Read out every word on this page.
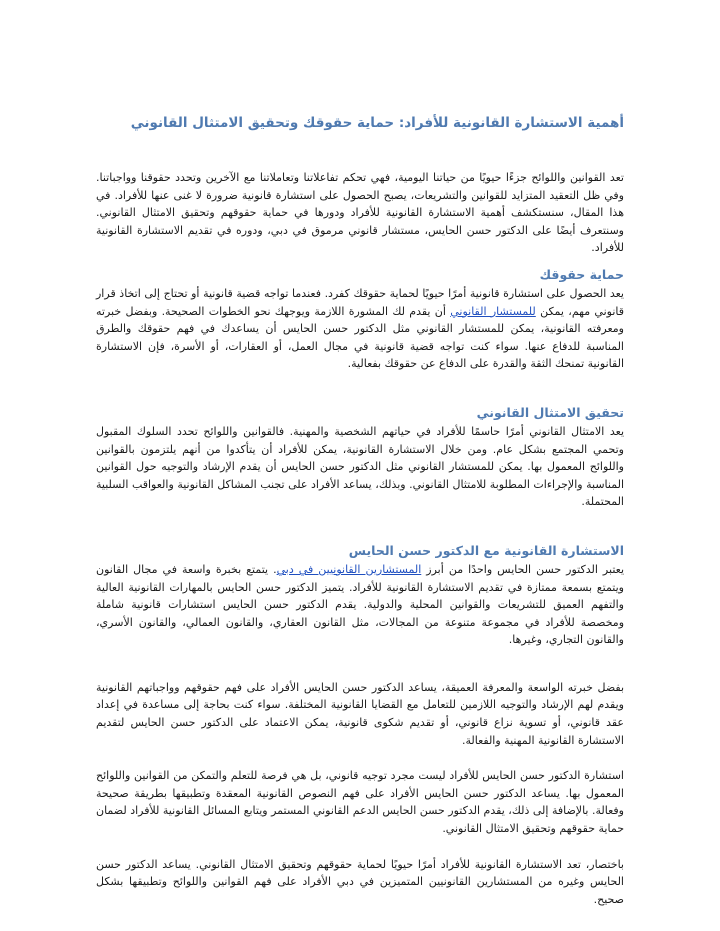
أهمية الاستشارة القانونية للأفراد: حماية حقوقك وتحقيق الامتثال القانوني

تعد القوانين واللوائح جزءًا حيويًا من حياتنا اليومية، فهي تحكم تفاعلاتنا وتعاملاتنا مع الآخرين وتحدد حقوقنا وواجباتنا. وفي ظل التعقيد المتزايد للقوانين والتشريعات، يصبح الحصول على استشارة قانونية ضرورة لا غنى عنها للأفراد. في هذا المقال، سنستكشف أهمية الاستشارة القانونية للأفراد ودورها في حماية حقوقهم وتحقيق الامتثال القانوني. وسنتعرف أيضًا على الدكتور حسن الحايس، مستشار قانوني مرموق في دبي، ودوره في تقديم الاستشارة القانونية للأفراد.

حماية حقوقك

يعد الحصول على استشارة قانونية أمرًا حيويًا لحماية حقوقك كفرد. فعندما تواجه قضية قانونية أو تحتاج إلى اتخاذ قرار قانوني مهم، يمكن للمستشار القانوني أن يقدم لك المشورة اللازمة ويوجهك نحو الخطوات الصحيحة. وبفضل خبرته ومعرفته القانونية، يمكن للمستشار القانوني مثل الدكتور حسن الحايس أن يساعدك في فهم حقوقك والطرق المناسبة للدفاع عنها. سواء كنت تواجه قضية قانونية في مجال العمل، أو العقارات، أو الأسرة، فإن الاستشارة القانونية تمنحك الثقة والقدرة على الدفاع عن حقوقك بفعالية.

تحقيق الامتثال القانوني

يعد الامتثال القانوني أمرًا حاسمًا للأفراد في حياتهم الشخصية والمهنية. فالقوانين واللوائح تحدد السلوك المقبول وتحمي المجتمع بشكل عام. ومن خلال الاستشارة القانونية، يمكن للأفراد أن يتأكدوا من أنهم يلتزمون بالقوانين واللوائح المعمول بها. يمكن للمستشار القانوني مثل الدكتور حسن الحايس أن يقدم الإرشاد والتوجيه حول القوانين المناسبة والإجراءات المطلوبة للامتثال القانوني. وبذلك، يساعد الأفراد على تجنب المشاكل القانونية والعواقب السلبية المحتملة.

الاستشارة القانونية مع الدكتور حسن الحايس

يعتبر الدكتور حسن الحايس واحدًا من أبرز المستشارين القانونيين في دبي. يتمتع بخبرة واسعة في مجال القانون ويتمتع بسمعة ممتازة في تقديم الاستشارة القانونية للأفراد. يتميز الدكتور حسن الحايس بالمهارات القانونية العالية والتفهم العميق للتشريعات والقوانين المحلية والدولية. يقدم الدكتور حسن الحايس استشارات قانونية شاملة ومخصصة للأفراد في مجموعة متنوعة من المجالات، مثل القانون العقاري، والقانون العمالي، والقانون الأسري، والقانون التجاري، وغيرها.

بفضل خبرته الواسعة والمعرفة العميقة، يساعد الدكتور حسن الحايس الأفراد على فهم حقوقهم وواجباتهم القانونية ويقدم لهم الإرشاد والتوجيه اللازمين للتعامل مع القضايا القانونية المختلفة. سواء كنت بحاجة إلى مساعدة في إعداد عقد قانوني، أو تسوية نزاع قانوني، أو تقديم شكوى قانونية، يمكن الاعتماد على الدكتور حسن الحايس لتقديم الاستشارة القانونية المهنية والفعالة.

استشارة الدكتور حسن الحايس للأفراد ليست مجرد توجيه قانوني، بل هي فرصة للتعلم والتمكن من القوانين واللوائح المعمول بها. يساعد الدكتور حسن الحايس الأفراد على فهم النصوص القانونية المعقدة وتطبيقها بطريقة صحيحة وفعالة. بالإضافة إلى ذلك، يقدم الدكتور حسن الحايس الدعم القانوني المستمر ويتابع المسائل القانونية للأفراد لضمان حماية حقوقهم وتحقيق الامتثال القانوني.

باختصار، تعد الاستشارة القانونية للأفراد أمرًا حيويًا لحماية حقوقهم وتحقيق الامتثال القانوني. يساعد الدكتور حسن الحايس وغيره من المستشارين القانونيين المتميزين في دبي الأفراد على فهم القوانين واللوائح وتطبيقها بشكل صحيح.
